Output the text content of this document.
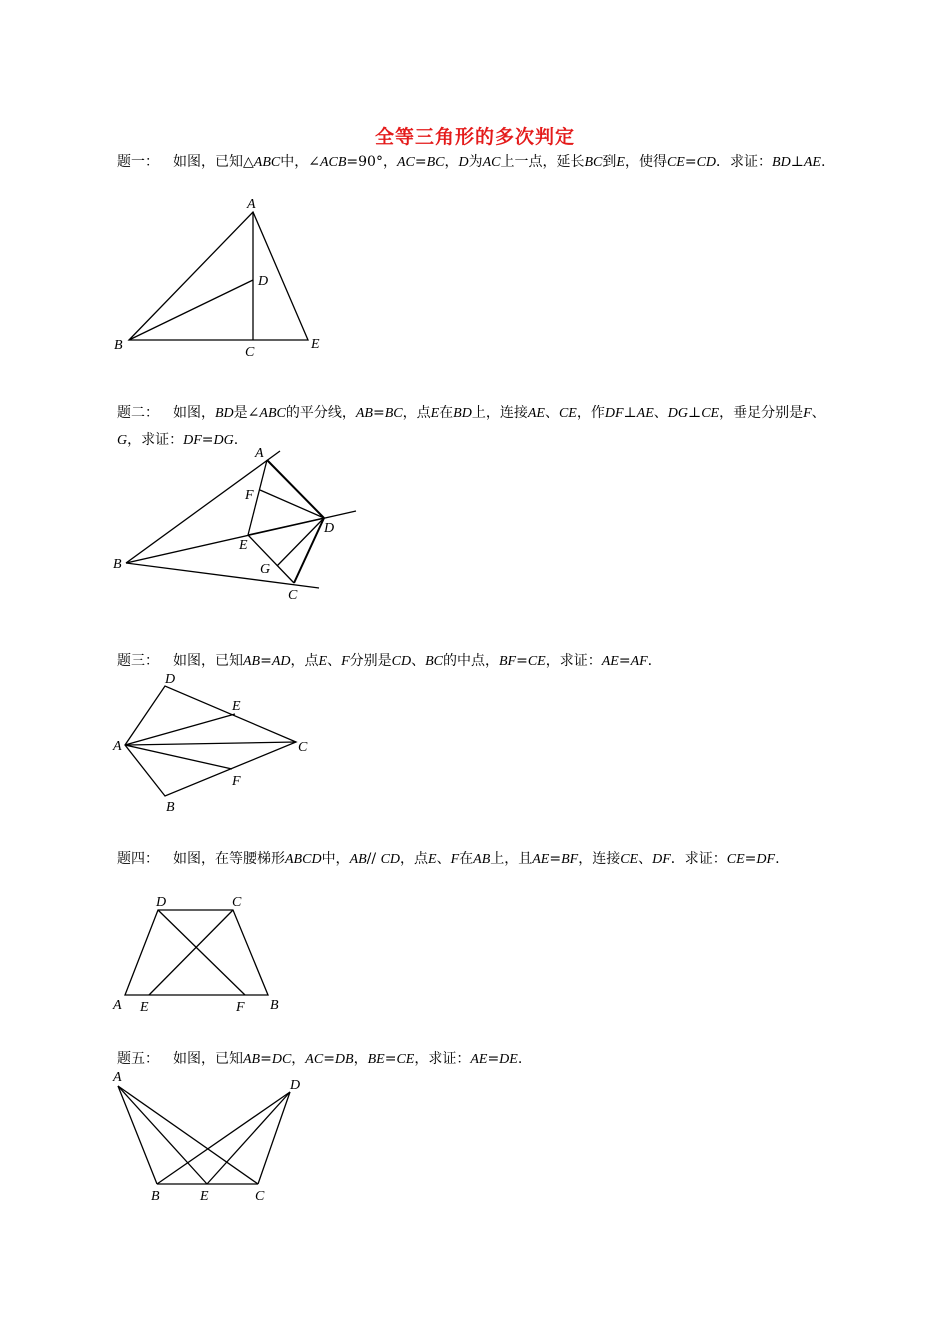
全等三角形的多次判定
题一： 如图，已知△ABC中，∠ACB=90°，AC=BC，D为AC上一点，延长BC到E，使得CE=CD．求证：BD⊥AE.
A
B	C
D
E
题二： 如图，BD是∠ABC的平分线，AB=BC，点E在BD上，连接AE、CE，作DF⊥AE、DG⊥CE，垂足分别是F、G，求证：DF=DG.
A
B
C
D
E
F
G
题三： 如图，已知AB=AD，点E、F分别是CD、BC的中点，BF=CE，求证：AE=AF.
A
B
C
D
E
F
题四： 如图，在等腰梯形ABCD中，AB// CD，点E、F在AB上，且AE=BF，连接CE、DF．求证：CE=DF.
A	B
C
D
E	F
题五： 如图，已知AB=DC，AC=DB，BE=CE，求证：AE=DE.
A
B	C
D
E
